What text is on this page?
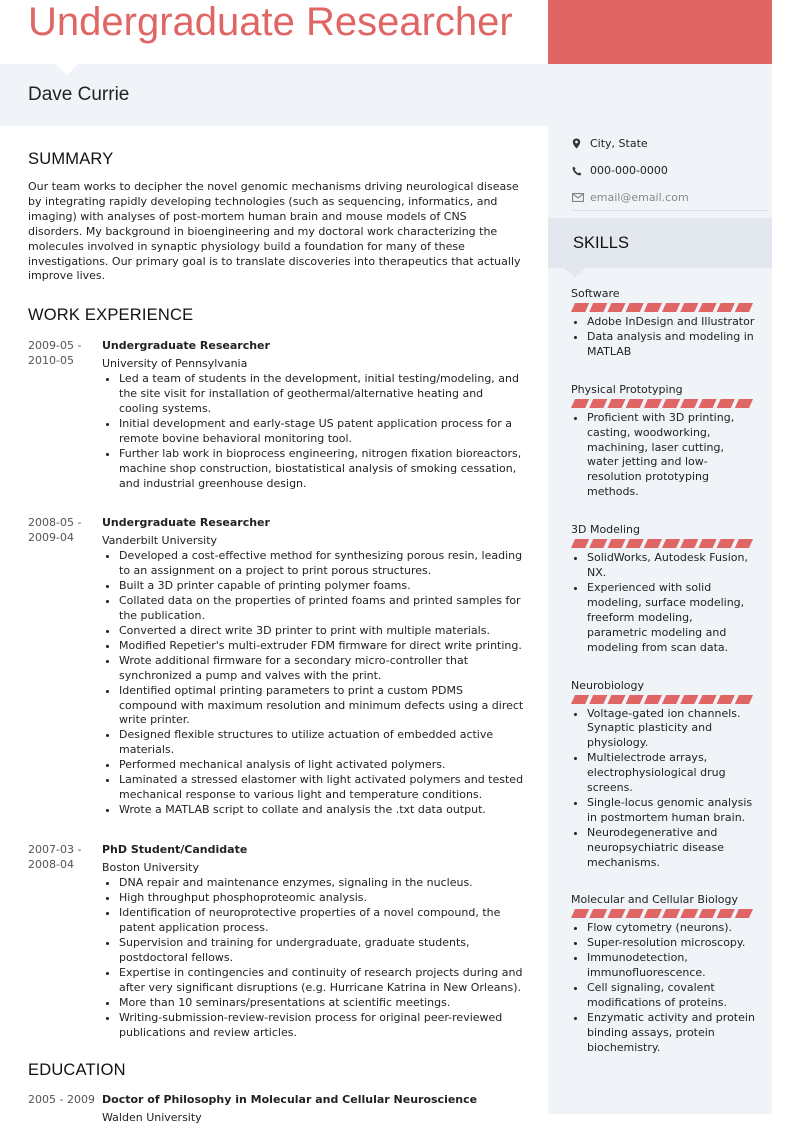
Undergraduate Researcher
Dave Currie
City, State
000-000-0000
email@email.com
SKILLS
Software
• Adobe InDesign and Illustrator
• Data analysis and modeling in MATLAB
Physical Prototyping
• Proficient with 3D printing, casting, woodworking, machining, laser cutting, water jetting and low-resolution prototyping methods.
3D Modeling
• SolidWorks, Autodesk Fusion, NX.
• Experienced with solid modeling, surface modeling, freeform modeling, parametric modeling and modeling from scan data.
Neurobiology
• Voltage-gated ion channels. Synaptic plasticity and physiology.
• Multielectrode arrays, electrophysiological drug screens.
• Single-locus genomic analysis in postmortem human brain.
• Neurodegenerative and neuropsychiatric disease mechanisms.
Molecular and Cellular Biology
• Flow cytometry (neurons).
• Super-resolution microscopy.
• Immunodetection, immunofluorescence.
• Cell signaling, covalent modifications of proteins.
• Enzymatic activity and protein binding assays, protein biochemistry.
SUMMARY

Our team works to decipher the novel genomic mechanisms driving neurological disease by integrating rapidly developing technologies (such as sequencing, informatics, and imaging) with analyses of post-mortem human brain and mouse models of CNS disorders. My background in bioengineering and my doctoral work characterizing the molecules involved in synaptic physiology build a foundation for many of these investigations. Our primary goal is to translate discoveries into therapeutics that actually improve lives.

WORK EXPERIENCE
2009-05 - 2010-05
Undergraduate Researcher
University of Pennsylvania
• Led a team of students in the development, initial testing/modeling, and the site visit for installation of geothermal/alternative heating and cooling systems.
• Initial development and early-stage US patent application process for a remote bovine behavioral monitoring tool.
• Further lab work in bioprocess engineering, nitrogen fixation bioreactors, machine shop construction, biostatistical analysis of smoking cessation, and industrial greenhouse design.
2008-05 - 2009-04
Undergraduate Researcher
Vanderbilt University
• Developed a cost-effective method for synthesizing porous resin, leading to an assignment on a project to print porous structures.
• Built a 3D printer capable of printing polymer foams.
• Collated data on the properties of printed foams and printed samples for the publication.
• Converted a direct write 3D printer to print with multiple materials.
• Modified Repetier's multi-extruder FDM firmware for direct write printing.
• Wrote additional firmware for a secondary micro-controller that synchronized a pump and valves with the print.
• Identified optimal printing parameters to print a custom PDMS compound with maximum resolution and minimum defects using a direct write printer.
• Designed flexible structures to utilize actuation of embedded active materials.
• Performed mechanical analysis of light activated polymers.
• Laminated a stressed elastomer with light activated polymers and tested mechanical response to various light and temperature conditions.
• Wrote a MATLAB script to collate and analysis the .txt data output.
2007-03 - 2008-04
PhD Student/Candidate
Boston University
• DNA repair and maintenance enzymes, signaling in the nucleus.
• High throughput phosphoproteomic analysis.
• Identification of neuroprotective properties of a novel compound, the patent application process.
• Supervision and training for undergraduate, graduate students, postdoctoral fellows.
• Expertise in contingencies and continuity of research projects during and after very significant disruptions (e.g. Hurricane Katrina in New Orleans).
• More than 10 seminars/presentations at scientific meetings.
• Writing-submission-review-revision process for original peer-reviewed publications and review articles.
EDUCATION
2005 - 2009 Doctor of Philosophy in Molecular and Cellular Neuroscience
Walden University
